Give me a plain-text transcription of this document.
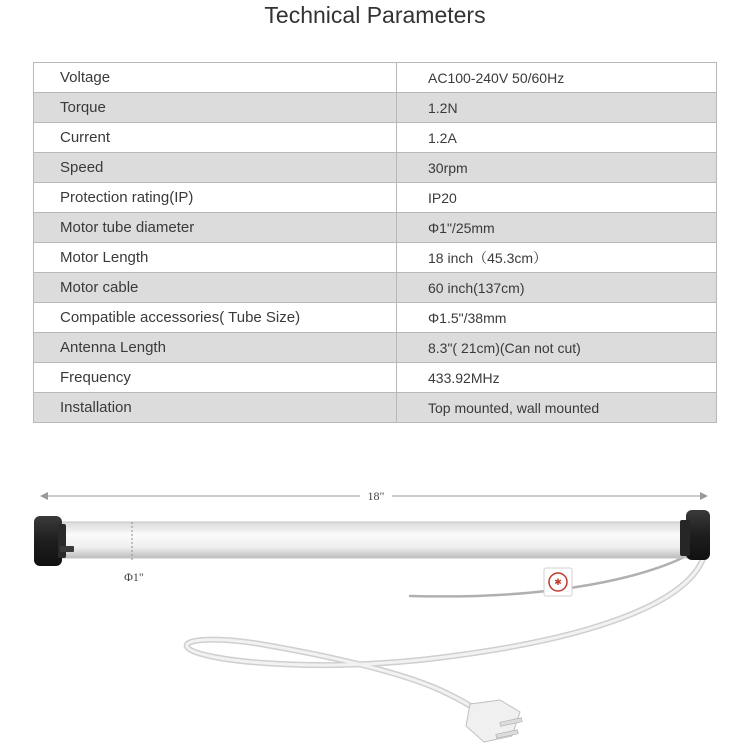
Technical Parameters
Voltage	AC100-240V 50/60Hz
Torque	1.2N
Current	1.2A
Speed	30rpm
Protection rating(IP)	IP20
Motor tube diameter	Φ1"/25mm
Motor Length	18 inch（45.3cm）
Motor cable	60 inch(137cm)
Compatible accessories( Tube Size)	Φ1.5"/38mm
Antenna Length	8.3"( 21cm)(Can not cut)
Frequency	433.92MHz
Installation	Top mounted, wall mounted
18"
✱
Φ1"
